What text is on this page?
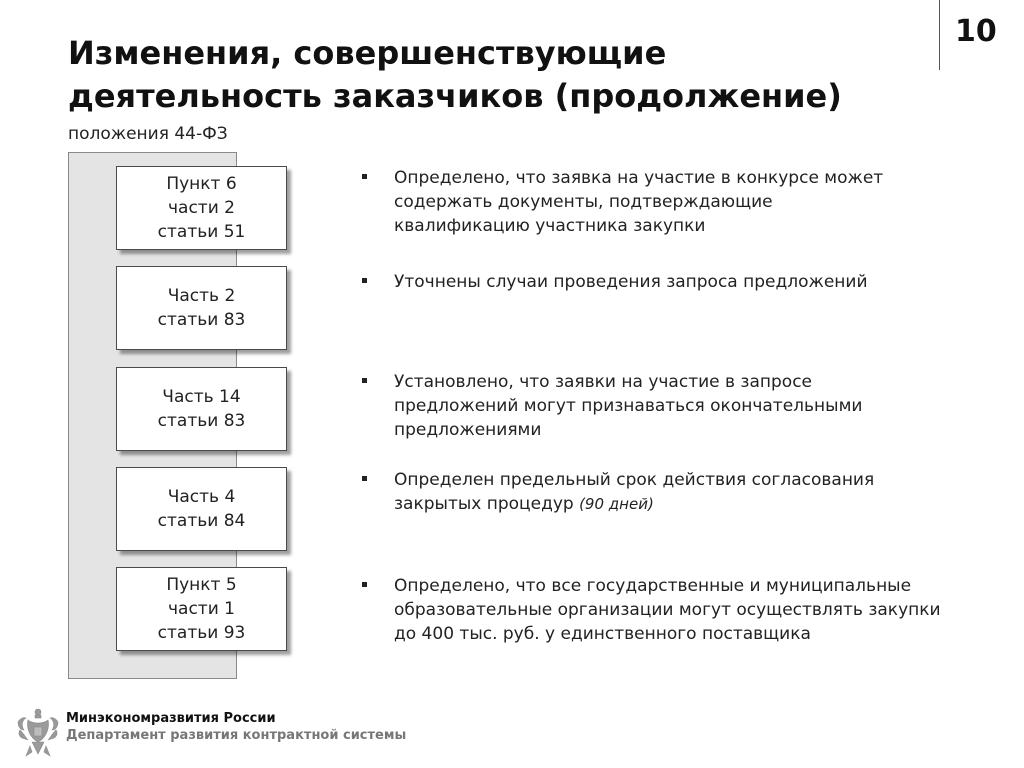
Изменения, совершенствующие
деятельность заказчиков (продолжение)
10
положения 44-ФЗ
Пункт 6
части 2
статьи 51
Часть 2
статьи 83
Часть 14
статьи 83
Часть 4
статьи 84
Пункт 5
части 1
статьи 93
Определено, что заявка на участие в конкурсе может
содержать документы, подтверждающие
квалификацию участника закупки
Уточнены случаи проведения запроса предложений
Установлено, что заявки на участие в запросе
предложений могут признаваться окончательными
предложениями
Определен предельный срок действия согласования
закрытых процедур (90 дней)
Определено, что все государственные и муниципальные
образовательные организации могут осуществлять закупки
до 400 тыс. руб. у единственного поставщика
Минэкономразвития России
Департамент развития контрактной системы
